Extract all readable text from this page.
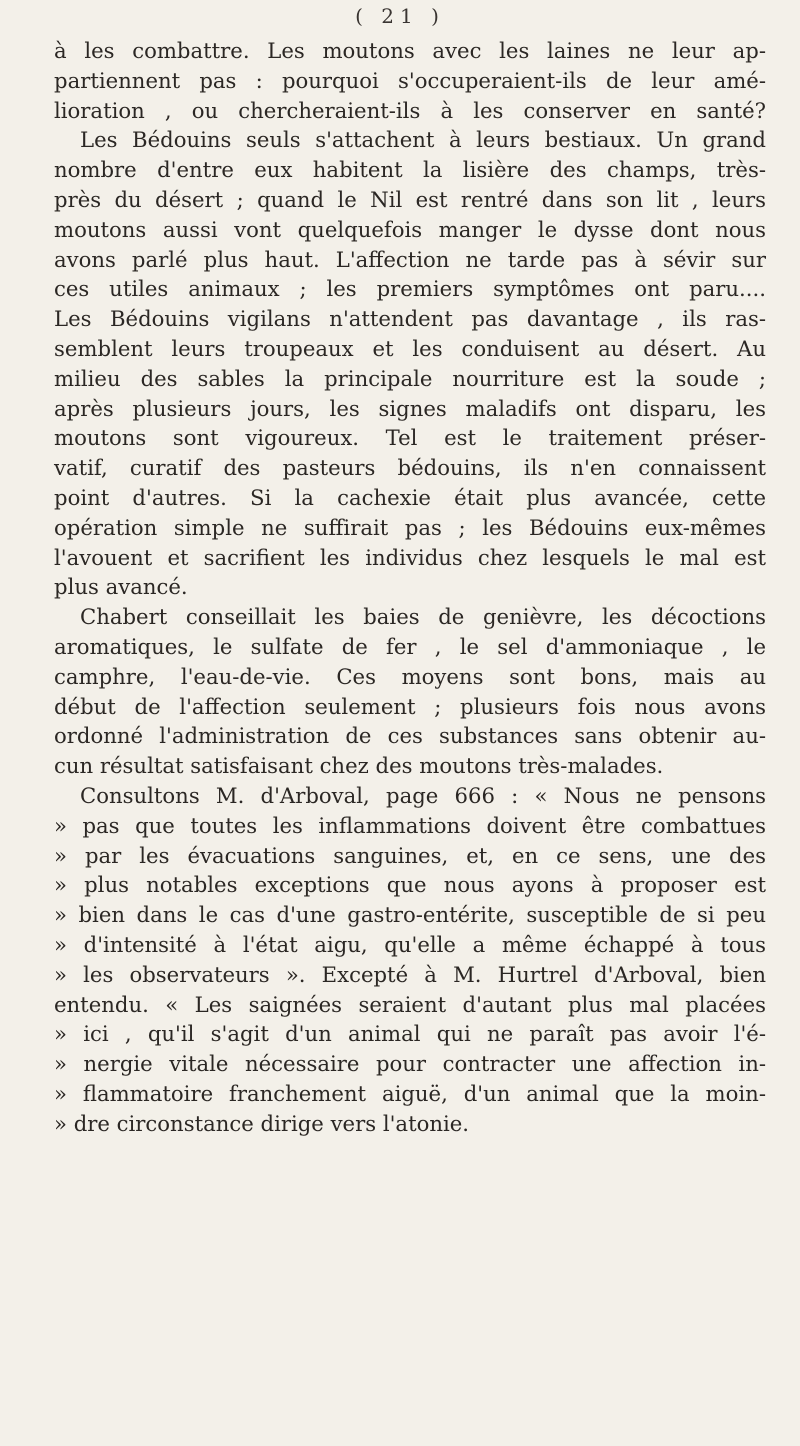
( 21 )
à les combattre. Les moutons avec les laines ne leur ap-
partiennent pas : pourquoi s'occuperaient-ils de leur amé-
lioration , ou chercheraient-ils à les conserver en santé?
Les Bédouins seuls s'attachent à leurs bestiaux. Un grand
nombre d'entre eux habitent la lisière des champs, très-
près du désert ; quand le Nil est rentré dans son lit , leurs
moutons aussi vont quelquefois manger le dysse dont nous
avons parlé plus haut. L'affection ne tarde pas à sévir sur
ces utiles animaux ; les premiers symptômes ont paru....
Les Bédouins vigilans n'attendent pas davantage , ils ras-
semblent leurs troupeaux et les conduisent au désert. Au
milieu des sables la principale nourriture est la soude ;
après plusieurs jours, les signes maladifs ont disparu, les
moutons sont vigoureux. Tel est le traitement préser-
vatif, curatif des pasteurs bédouins, ils n'en connaissent
point d'autres. Si la cachexie était plus avancée, cette
opération simple ne suffirait pas ; les Bédouins eux-mêmes
l'avouent et sacrifient les individus chez lesquels le mal est
plus avancé.
Chabert conseillait les baies de genièvre, les décoctions
aromatiques, le sulfate de fer , le sel d'ammoniaque , le
camphre, l'eau-de-vie. Ces moyens sont bons, mais au
début de l'affection seulement ; plusieurs fois nous avons
ordonné l'administration de ces substances sans obtenir au-
cun résultat satisfaisant chez des moutons très-malades.
Consultons M. d'Arboval, page 666 : « Nous ne pensons
» pas que toutes les inflammations doivent être combattues
» par les évacuations sanguines, et, en ce sens, une des
» plus notables exceptions que nous ayons à proposer est
» bien dans le cas d'une gastro-entérite, susceptible de si peu
» d'intensité à l'état aigu, qu'elle a même échappé à tous
» les observateurs ». Excepté à M. Hurtrel d'Arboval, bien
entendu. « Les saignées seraient d'autant plus mal placées
» ici , qu'il s'agit d'un animal qui ne paraît pas avoir l'é-
» nergie vitale nécessaire pour contracter une affection in-
» flammatoire franchement aiguë, d'un animal que la moin-
» dre circonstance dirige vers l'atonie.
